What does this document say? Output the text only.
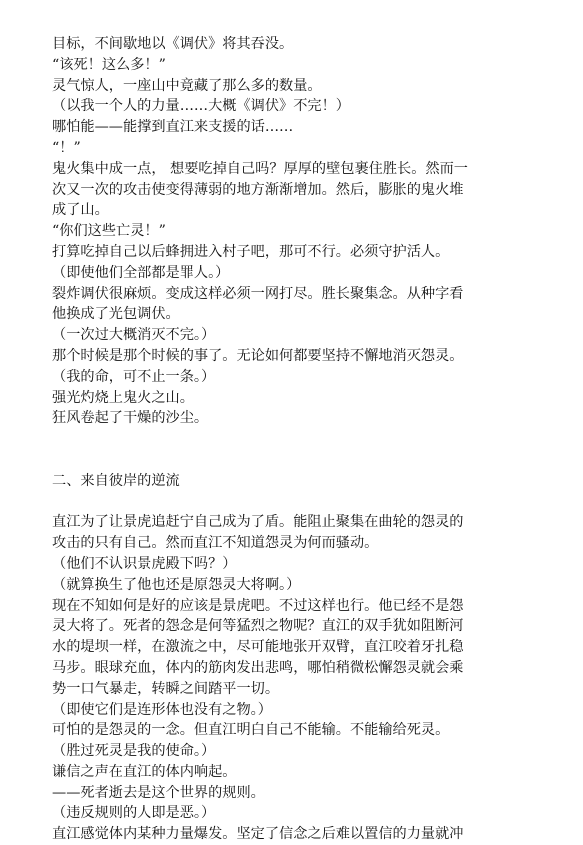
目标，不间歇地以《调伏》将其吞没。
“该死！这么多！”
灵气惊人，一座山中竟藏了那么多的数量。
（以我一个人的力量……大概《调伏》不完！）
哪怕能——能撑到直江来支援的话……
“！”
鬼火集中成一点， 想要吃掉自己吗？厚厚的壁包裹住胜长。然而一
次又一次的攻击使变得薄弱的地方渐渐增加。然后，膨胀的鬼火堆
成了山。
“你们这些亡灵！”
打算吃掉自己以后蜂拥进入村子吧，那可不行。必须守护活人。
（即使他们全部都是罪人。）
裂炸调伏很麻烦。变成这样必须一网打尽。胜长聚集念。从种字看
他换成了光包调伏。
（一次过大概消灭不完。）
那个时候是那个时候的事了。无论如何都要坚持不懈地消灭怨灵。
（我的命，可不止一条。）
强光灼烧上鬼火之山。
狂风卷起了干燥的沙尘。
二、来自彼岸的逆流
直江为了让景虎追赶宁自己成为了盾。能阻止聚集在曲轮的怨灵的
攻击的只有自己。然而直江不知道怨灵为何而骚动。
（他们不认识景虎殿下吗？）
（就算换生了他也还是原怨灵大将啊。）
现在不知如何是好的应该是景虎吧。不过这样也行。他已经不是怨
灵大将了。死者的怨念是何等猛烈之物呢？直江的双手犹如阻断河
水的堤坝一样，在激流之中，尽可能地张开双臂，直江咬着牙扎稳
马步。眼球充血，体内的筋肉发出悲鸣，哪怕稍微松懈怨灵就会乘
势一口气暴走，转瞬之间踏平一切。
（即使它们是连形体也没有之物。）
可怕的是怨灵的一念。但直江明白自己不能输。不能输给死灵。
（胜过死灵是我的使命。）
谦信之声在直江的体内响起。
——死者逝去是这个世界的规则。
（违反规则的人即是恶。）
直江感觉体内某种力量爆发。坚定了信念之后难以置信的力量就冲
